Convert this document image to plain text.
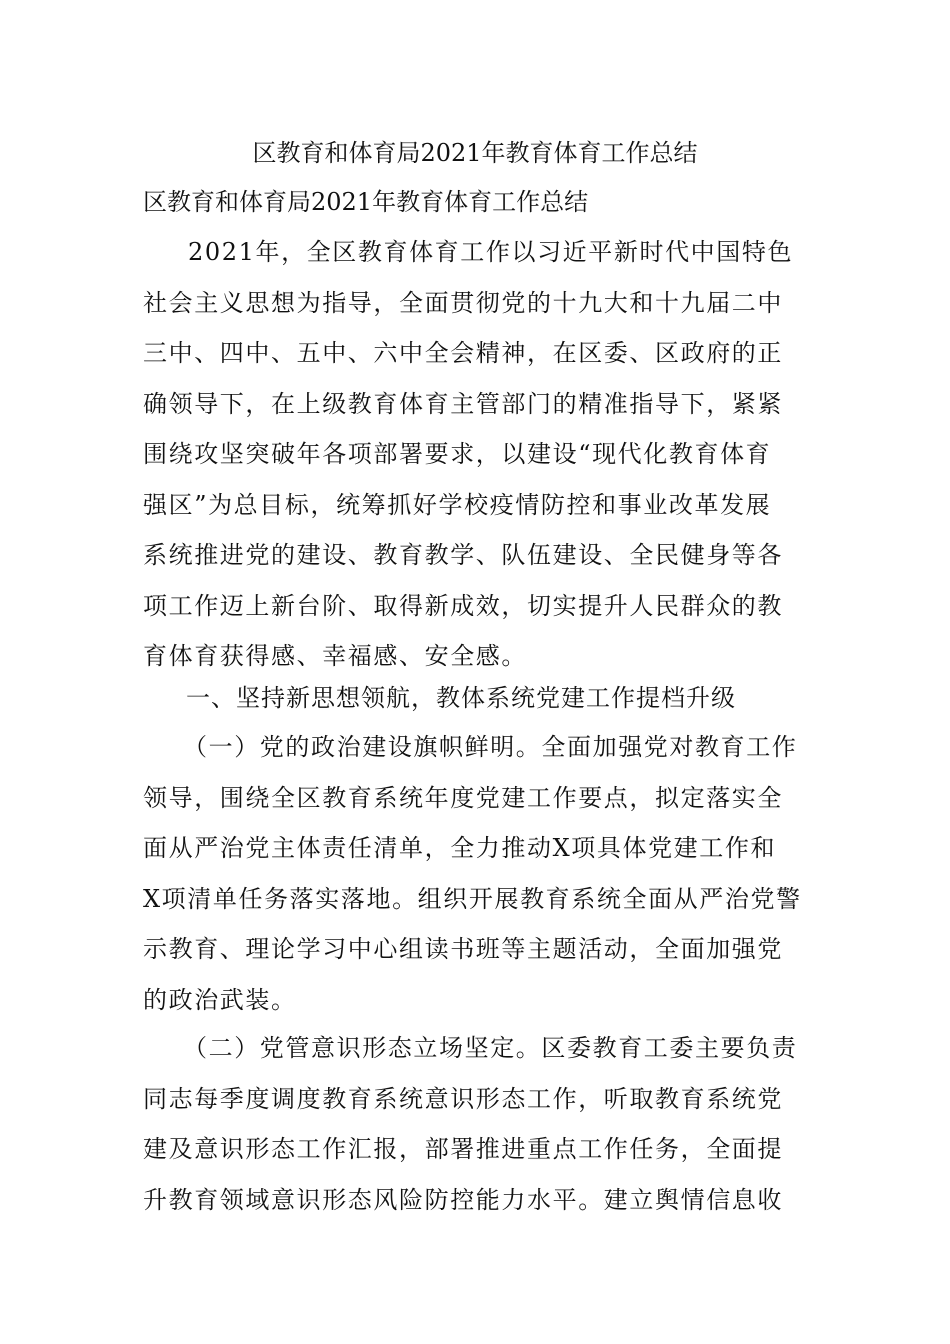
区教育和体育局2021年教育体育工作总结

区教育和体育局2021年教育体育工作总结

2021年，全区教育体育工作以习近平新时代中国特色
社会主义思想为指导，全面贯彻党的十九大和十九届二中
三中、四中、五中、六中全会精神，在区委、区政府的正
确领导下，在上级教育体育主管部门的精准指导下，紧紧
围绕攻坚突破年各项部署要求，以建设“现代化教育体育
强区”为总目标，统筹抓好学校疫情防控和事业改革发展
系统推进党的建设、教育教学、队伍建设、全民健身等各
项工作迈上新台阶、取得新成效，切实提升人民群众的教
育体育获得感、幸福感、安全感。

一、坚持新思想领航，教体系统党建工作提档升级

（一）党的政治建设旗帜鲜明。全面加强党对教育工作
领导，围绕全区教育系统年度党建工作要点，拟定落实全
面从严治党主体责任清单，全力推动X项具体党建工作和
X项清单任务落实落地。组织开展教育系统全面从严治党警
示教育、理论学习中心组读书班等主题活动，全面加强党
的政治武装。
（二）党管意识形态立场坚定。区委教育工委主要负责
同志每季度调度教育系统意识形态工作，听取教育系统党
建及意识形态工作汇报，部署推进重点工作任务，全面提
升教育领域意识形态风险防控能力水平。建立舆情信息收
